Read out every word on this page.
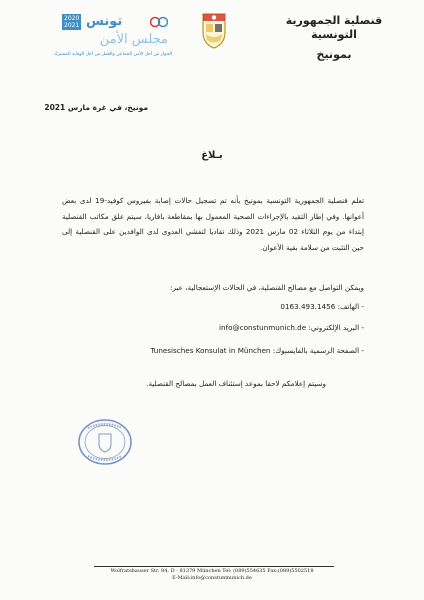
قنصلية الجمهورية التونسية
بمونيخ
2020
2021 تونس
مجلس الأمن
الحوار من أجل الأمن الجماعي والعمل من أجل الوقاية المشترك
مونيخ، في غرة مارس 2021
بـلاغ
تعلم قنصلية الجمهورية التونسية بمونيخ بأنه تم تسجيل حالات إصابة بفيروس كوفيد-19 لدى بعض أعوانها. وفي إطار التقيد بالإجراءات الصحية المعمول بها بمقاطعة بافاريا، سيتم غلق مكاتب القنصلية إبتداء من يوم الثلاثاء 02 مارس 2021 وذلك تفاديا لتفشي العدوى لدى الوافدين على القنصلية إلى حين التثبت من سلامة بقية الأعوان.
ويمكن التواصل مع مصالح القنصلية، في الحالات الإستعجالية، عبر:
- الهاتف: 0163.493.1456
- البريد الإلكتروني: info@constunmunich.de
- الصفحة الرسمية بالفايسبوك: Tunesisches Konsulat in München
وسيتم إعلامكم لاحقا بموعد إستئناف العمل بمصالح القنصلية.
Wolfratshauser Str. 84, D - 81379 München Tel: (089)554635 Fax:(089)5502518
E-Mail:info@constunmunich.de
